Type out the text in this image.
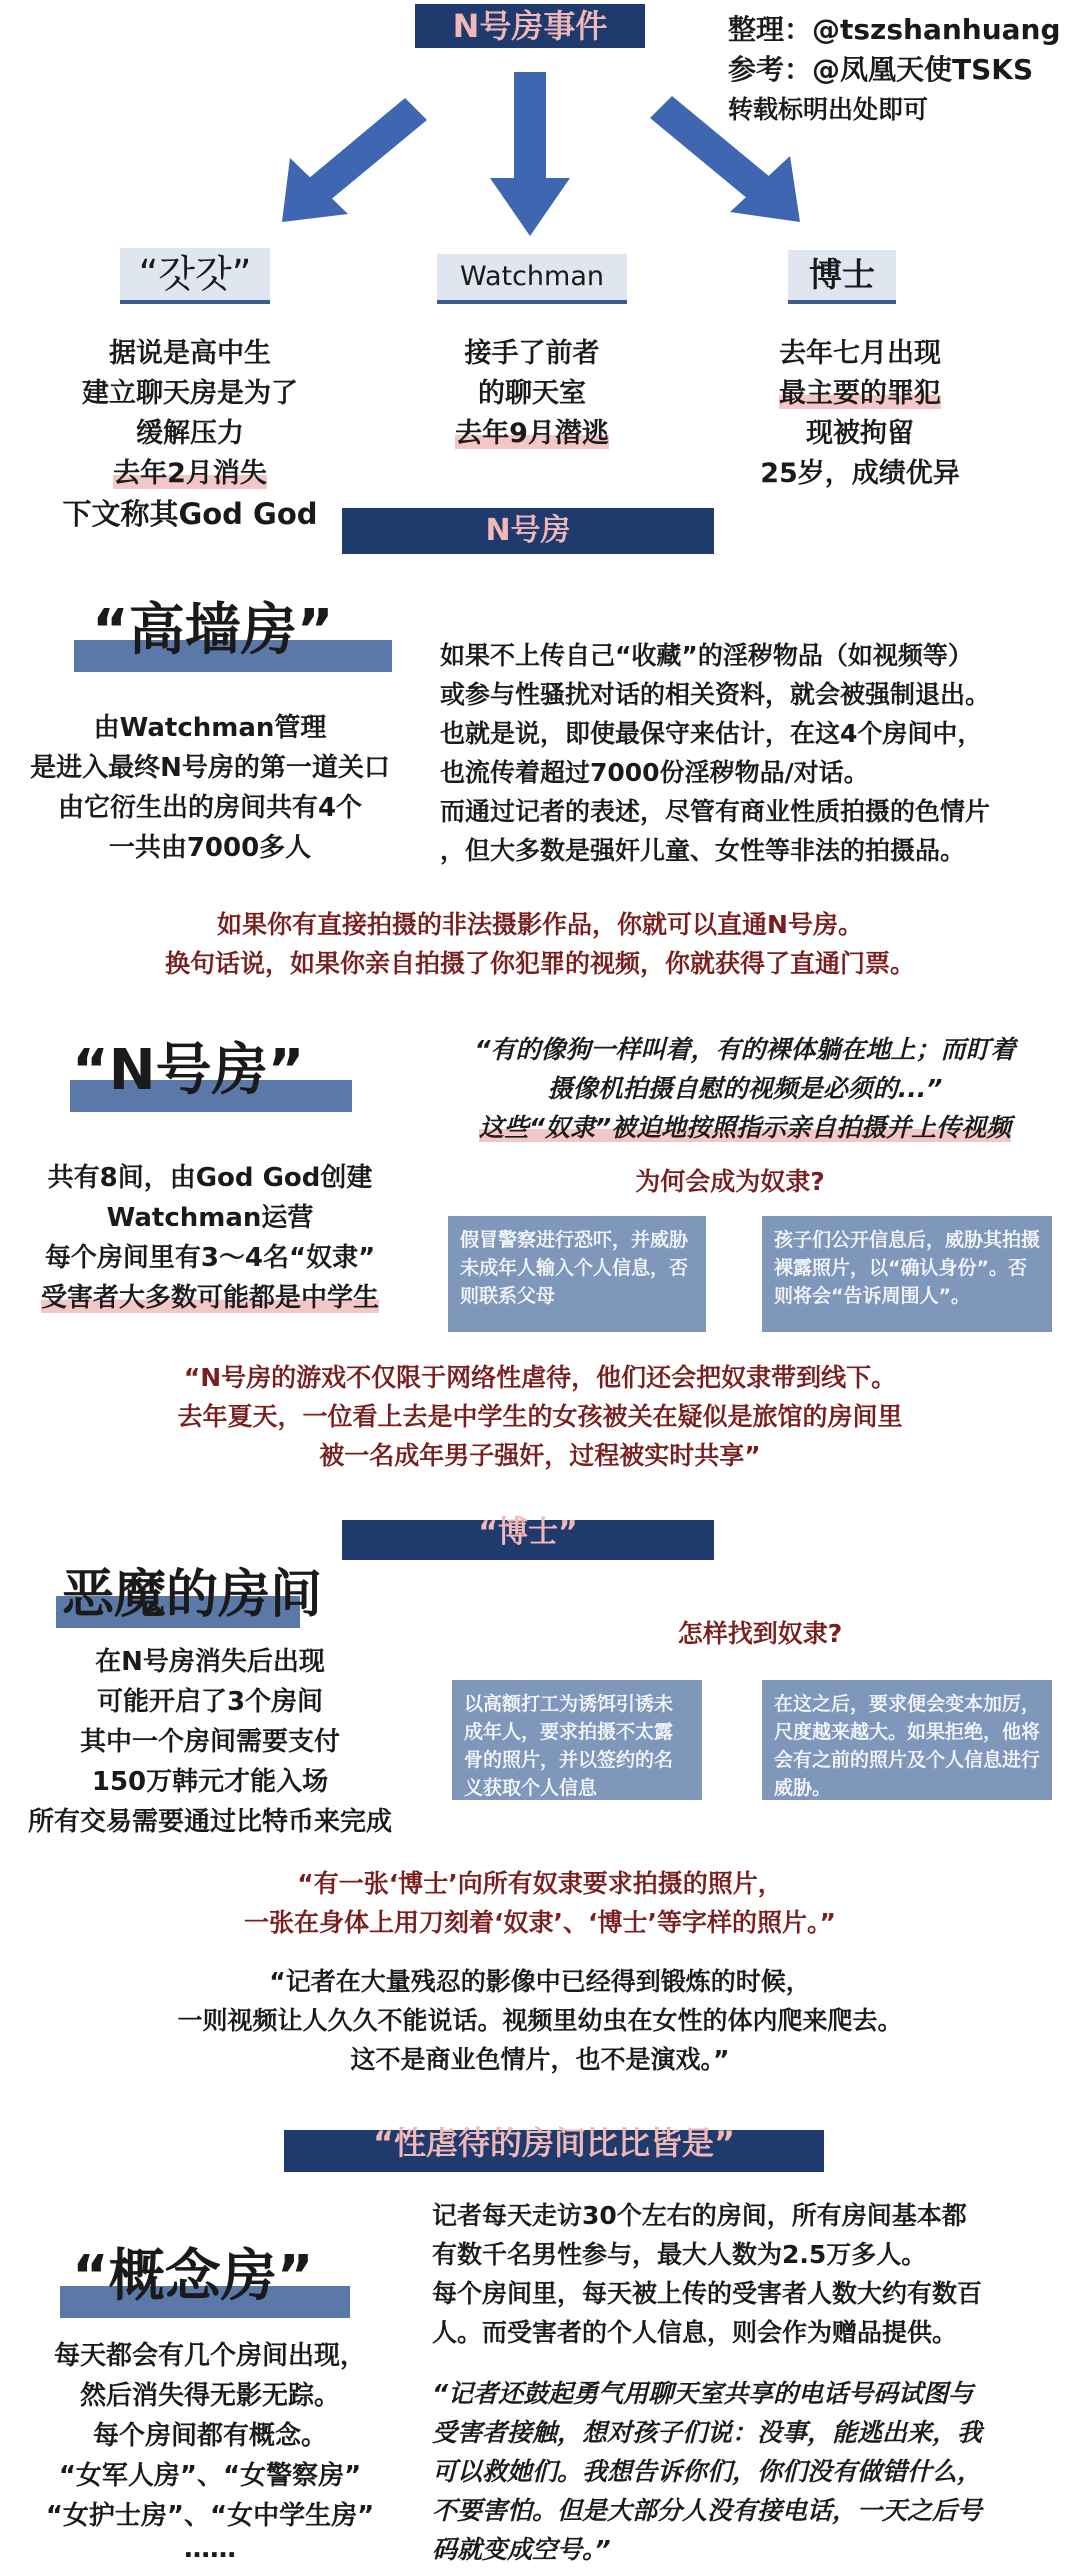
N号房事件	整理：@tszshanhuang
参考：@凤凰天使TSKS
转载标明出处即可
“갓갓”	Watchman	博士
据说是高中生
建立聊天房是为了
缓解压力
去年2月消失
下文称其God God
接手了前者
的聊天室
去年9月潜逃
去年七月出现
最主要的罪犯
现被拘留
25岁，成绩优异
N号房
“高墙房”
由Watchman管理
是进入最终N号房的第一道关口
由它衍生出的房间共有4个
一共由7000多人
如果不上传自己“收藏”的淫秽物品（如视频等）
或参与性骚扰对话的相关资料，就会被强制退出。
也就是说，即使最保守来估计，在这4个房间中，
也流传着超过7000份淫秽物品/对话。
而通过记者的表述，尽管有商业性质拍摄的色情片
，但大多数是强奸儿童、女性等非法的拍摄品。
如果你有直接拍摄的非法摄影作品，你就可以直通N号房。
换句话说，如果你亲自拍摄了你犯罪的视频，你就获得了直通门票。
“N号房”	“有的像狗一样叫着，有的裸体躺在地上；而盯着
摄像机拍摄自慰的视频是必须的...”
这些“奴隶”被迫地按照指示亲自拍摄并上传视频
共有8间，由God God创建
Watchman运营
每个房间里有3～4名“奴隶”
受害者大多数可能都是中学生
为何会成为奴隶?
假冒警察进行恐吓，并威胁未成年人输入个人信息，否则联系父母
孩子们公开信息后，威胁其拍摄裸露照片，以“确认身份”。否则将会“告诉周围人”。
“N号房的游戏不仅限于网络性虐待，他们还会把奴隶带到线下。
去年夏天，一位看上去是中学生的女孩被关在疑似是旅馆的房间里
被一名成年男子强奸，过程被实时共享”
“博士”
恶魔的房间
在N号房消失后出现
可能开启了3个房间
其中一个房间需要支付
150万韩元才能入场
所有交易需要通过比特币来完成
怎样找到奴隶?
以高额打工为诱饵引诱未成年人，要求拍摄不太露骨的照片，并以签约的名义获取个人信息
在这之后，要求便会变本加厉，尺度越来越大。如果拒绝，他将会有之前的照片及个人信息进行威胁。
“有一张‘博士’向所有奴隶要求拍摄的照片，
一张在身体上用刀刻着‘奴隶’、‘博士’等字样的照片。”
“记者在大量残忍的影像中已经得到锻炼的时候，
一则视频让人久久不能说话。视频里幼虫在女性的体内爬来爬去。
这不是商业色情片，也不是演戏。”
“性虐待的房间比比皆是”
“概念房”
每天都会有几个房间出现，
然后消失得无影无踪。
每个房间都有概念。
“女军人房”、“女警察房”
“女护士房”、“女中学生房”
……
记者每天走访30个左右的房间，所有房间基本都
有数千名男性参与，最大人数为2.5万多人。
每个房间里，每天被上传的受害者人数大约有数百
人。而受害者的个人信息，则会作为赠品提供。
“记者还鼓起勇气用聊天室共享的电话号码试图与
受害者接触，想对孩子们说：没事，能逃出来，我
可以救她们。我想告诉你们，你们没有做错什么，
不要害怕。但是大部分人没有接电话，一天之后号
码就变成空号。”
